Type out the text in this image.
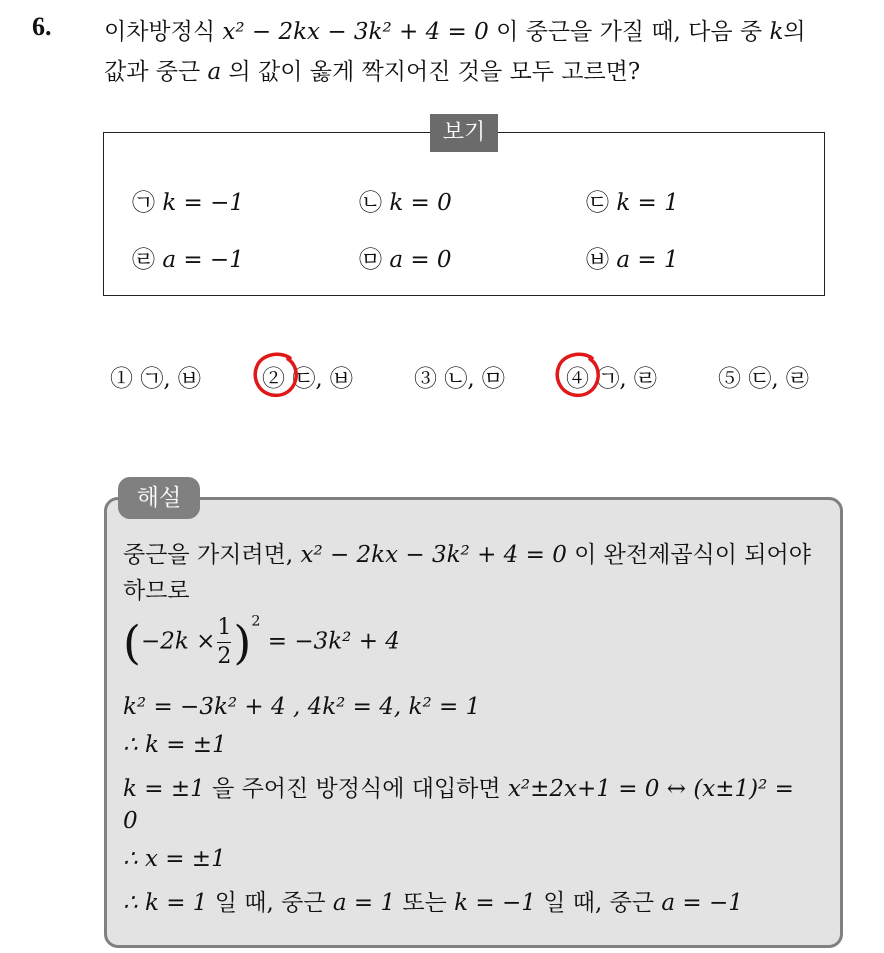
6. 이차방정식 x² − 2kx − 3k² + 4 = 0 이 중근을 가질 때, 다음 중 k의
값과 중근 a 의 값이 옳게 짝지어진 것을 모두 고르면?
보기
㉠ k = −1	㉡ k = 0	㉢ k = 1
㉣ a = −1	㉤ a = 0	㉥ a = 1
① ㉠, ㉥	② ㉢, ㉥	③ ㉡, ㉤	④ ㉠, ㉣	⑤ ㉢, ㉣
해설
중근을 가지려면, x² − 2kx − 3k² + 4 = 0 이 완전제곱식이 되어야
하므로
$(-2k \times \frac{1}{2} )^2 = -3k^2 + 4$
k² = −3k² + 4 , 4k² = 4, k² = 1
∴ k = ±1
k = ±1 을 주어진 방정식에 대입하면 x²±2x+1 = 0 ↔ (x±1)² =
0
∴ x = ±1
∴ k = 1 일 때, 중근 a = 1 또는 k = −1 일 때, 중근 a = −1
